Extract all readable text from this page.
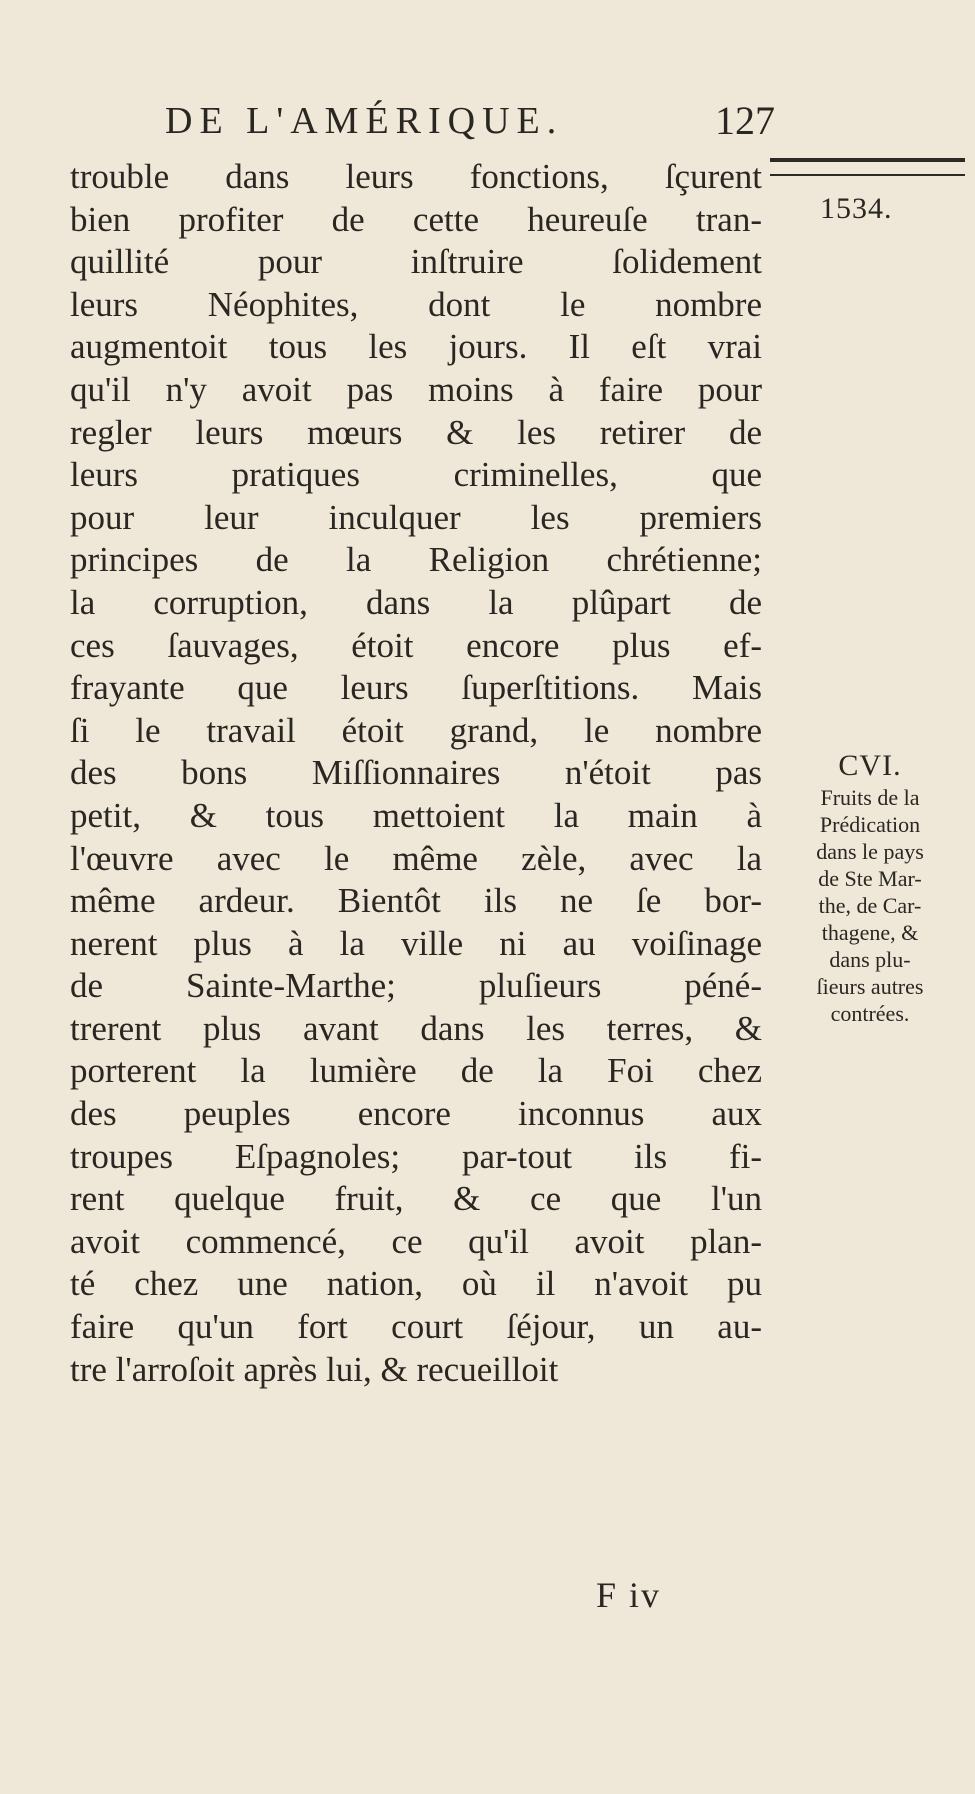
DE L'AMÉRIQUE.	127
1534.
trouble dans leurs fonctions, ſçurent
bien profiter de cette heureuſe tran-
quillité pour inſtruire ſolidement
leurs Néophites, dont le nombre
augmentoit tous les jours. Il eſt vrai
qu'il n'y avoit pas moins à faire pour
regler leurs mœurs & les retirer de
leurs pratiques criminelles, que
pour leur inculquer les premiers
principes de la Religion chrétienne;
la corruption, dans la plûpart de
ces ſauvages, étoit encore plus ef-
frayante que leurs ſuperſtitions. Mais
ſi le travail étoit grand, le nombre
des bons Miſſionnaires n'étoit pas
petit, & tous mettoient la main à
l'œuvre avec le même zèle, avec la
même ardeur. Bientôt ils ne ſe bor-
nerent plus à la ville ni au voiſinage
de Sainte-Marthe; pluſieurs péné-
trerent plus avant dans les terres, &
porterent la lumière de la Foi chez
des peuples encore inconnus aux
troupes Eſpagnoles; par-tout ils fi-
rent quelque fruit, & ce que l'un
avoit commencé, ce qu'il avoit plan-
té chez une nation, où il n'avoit pu
faire qu'un fort court ſéjour, un au-
tre l'arroſoit après lui, & recueilloit
CVI.
Fruits de la
Prédication
dans le pays
de Ste Mar-
the, de Car-
thagene, &
dans plu-
ſieurs autres
contrées.
F iv
